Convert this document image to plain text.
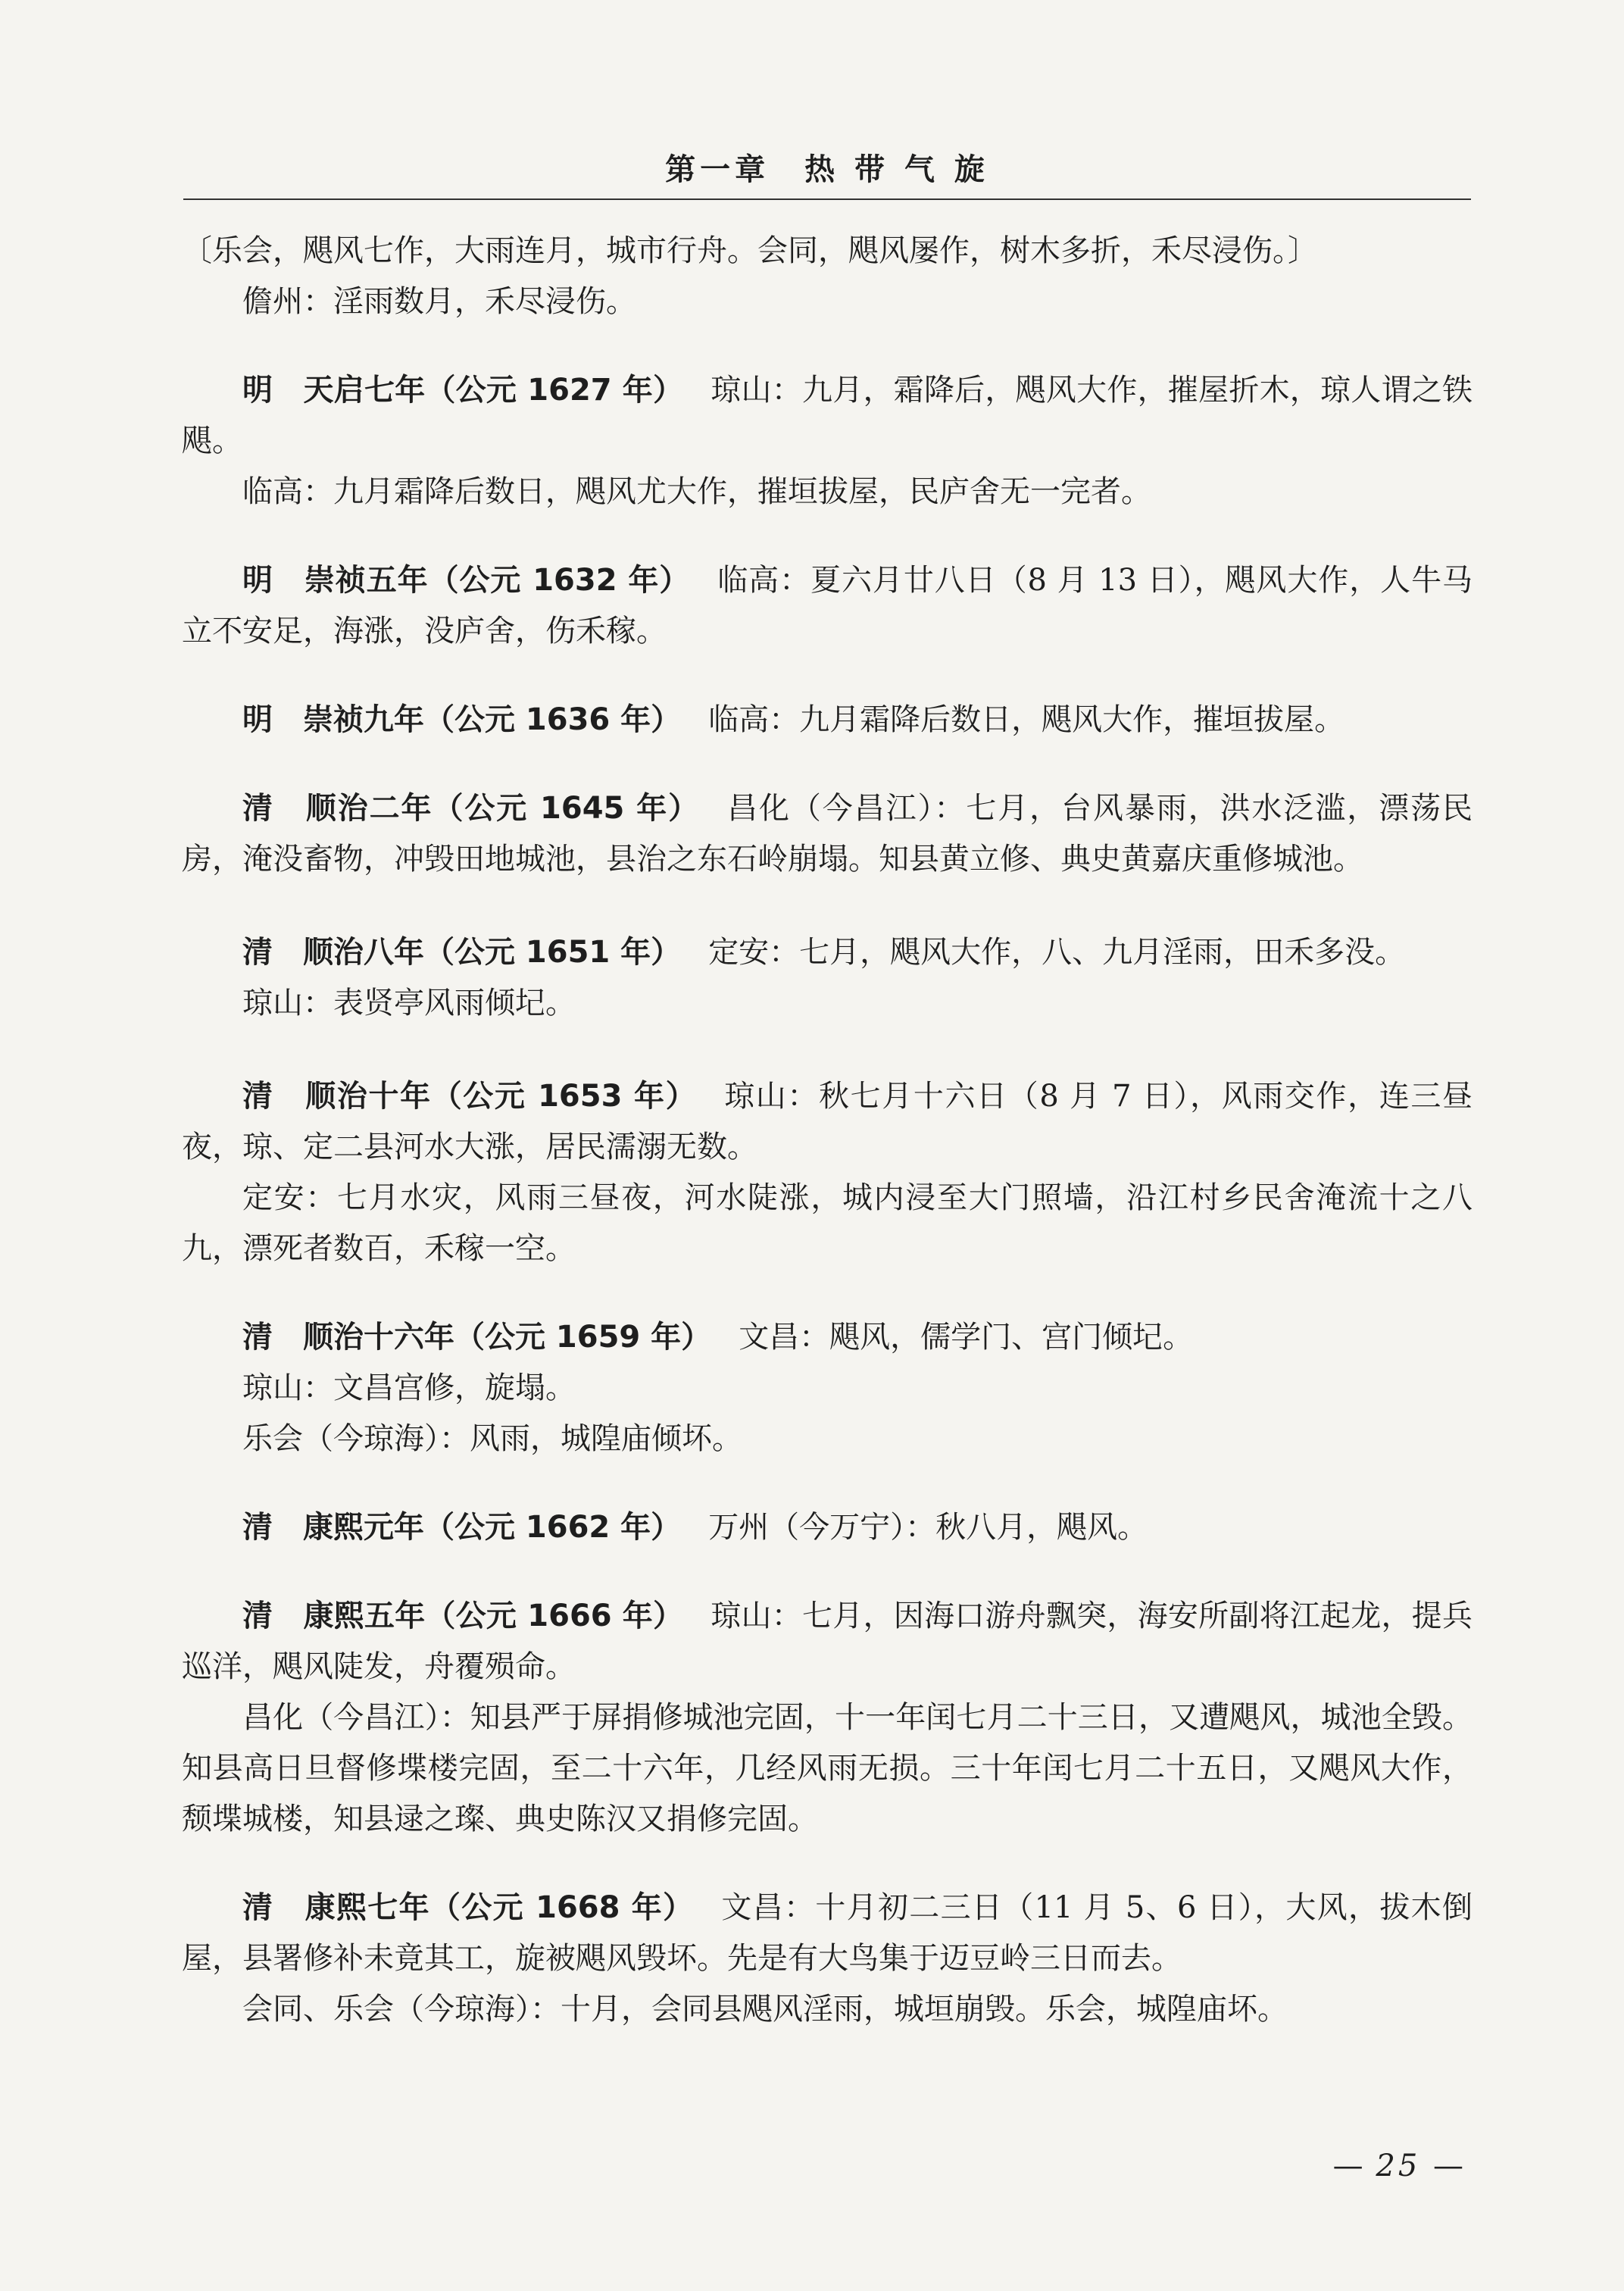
第一章　热 带 气 旋

〔乐会，飓风七作，大雨连月，城市行舟。会同，飓风屡作，树木多折，禾尽浸伤。〕

儋州：淫雨数月，禾尽浸伤。

明　天启七年（公元 1627 年） 琼山：九月，霜降后，飓风大作，摧屋折木，琼人谓之铁飓。

临高：九月霜降后数日，飓风尤大作，摧垣拔屋，民庐舍无一完者。

明　崇祯五年（公元 1632 年） 临高：夏六月廿八日（8 月 13 日），飓风大作，人牛马立不安足，海涨，没庐舍，伤禾稼。

明　崇祯九年（公元 1636 年） 临高：九月霜降后数日，飓风大作，摧垣拔屋。

清　顺治二年（公元 1645 年） 昌化（今昌江）：七月，台风暴雨，洪水泛滥，漂荡民房，淹没畜物，冲毁田地城池，县治之东石岭崩塌。知县黄立修、典史黄嘉庆重修城池。

清　顺治八年（公元 1651 年） 定安：七月，飓风大作，八、九月淫雨，田禾多没。

琼山：表贤亭风雨倾圮。

清　顺治十年（公元 1653 年） 琼山：秋七月十六日（8 月 7 日），风雨交作，连三昼夜，琼、定二县河水大涨，居民濡溺无数。

定安：七月水灾，风雨三昼夜，河水陡涨，城内浸至大门照墙，沿江村乡民舍淹流十之八九，漂死者数百，禾稼一空。

清　顺治十六年（公元 1659 年） 文昌：飓风，儒学门、宫门倾圮。

琼山：文昌宫修，旋塌。

乐会（今琼海）：风雨，城隍庙倾坏。

清　康熙元年（公元 1662 年） 万州（今万宁）：秋八月，飓风。

清　康熙五年（公元 1666 年） 琼山：七月，因海口游舟飘突，海安所副将江起龙，提兵巡洋，飓风陡发，舟覆殒命。

昌化（今昌江）：知县严于屏捐修城池完固，十一年闰七月二十三日，又遭飓风，城池全毁。知县高日旦督修堞楼完固，至二十六年，几经风雨无损。三十年闰七月二十五日，又飓风大作，颓堞城楼，知县逯之璨、典史陈汉又捐修完固。

清　康熙七年（公元 1668 年） 文昌：十月初二三日（11 月 5、6 日），大风，拔木倒屋，县署修补未竟其工，旋被飓风毁坏。先是有大鸟集于迈豆岭三日而去。

会同、乐会（今琼海）：十月，会同县飓风淫雨，城垣崩毁。乐会，城隍庙坏。

— 25 —
